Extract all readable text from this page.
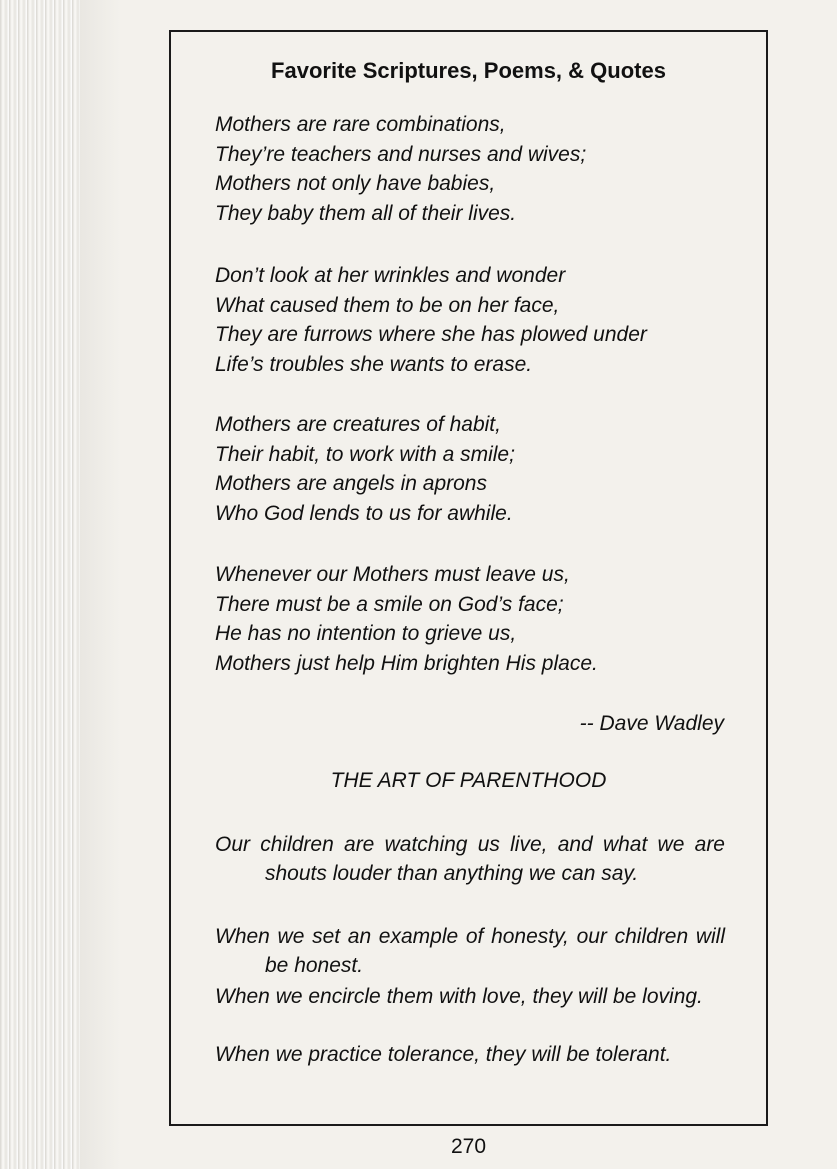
Favorite Scriptures, Poems, & Quotes
Mothers are rare combinations,
They’re teachers and nurses and wives;
Mothers not only have babies,
They baby them all of their lives.
Don’t look at her wrinkles and wonder
What caused them to be on her face,
They are furrows where she has plowed under
Life’s troubles she wants to erase.
Mothers are creatures of habit,
Their habit, to work with a smile;
Mothers are angels in aprons
Who God lends to us for awhile.
Whenever our Mothers must leave us,
There must be a smile on God’s face;
He has no intention to grieve us,
Mothers just help Him brighten His place.
-- Dave Wadley
THE ART OF PARENTHOOD
Our children are watching us live, and what we are shouts louder than anything we can say.
When we set an example of honesty, our children will be honest.
When we encircle them with love, they will be loving.
When we practice tolerance, they will be tolerant.
270
